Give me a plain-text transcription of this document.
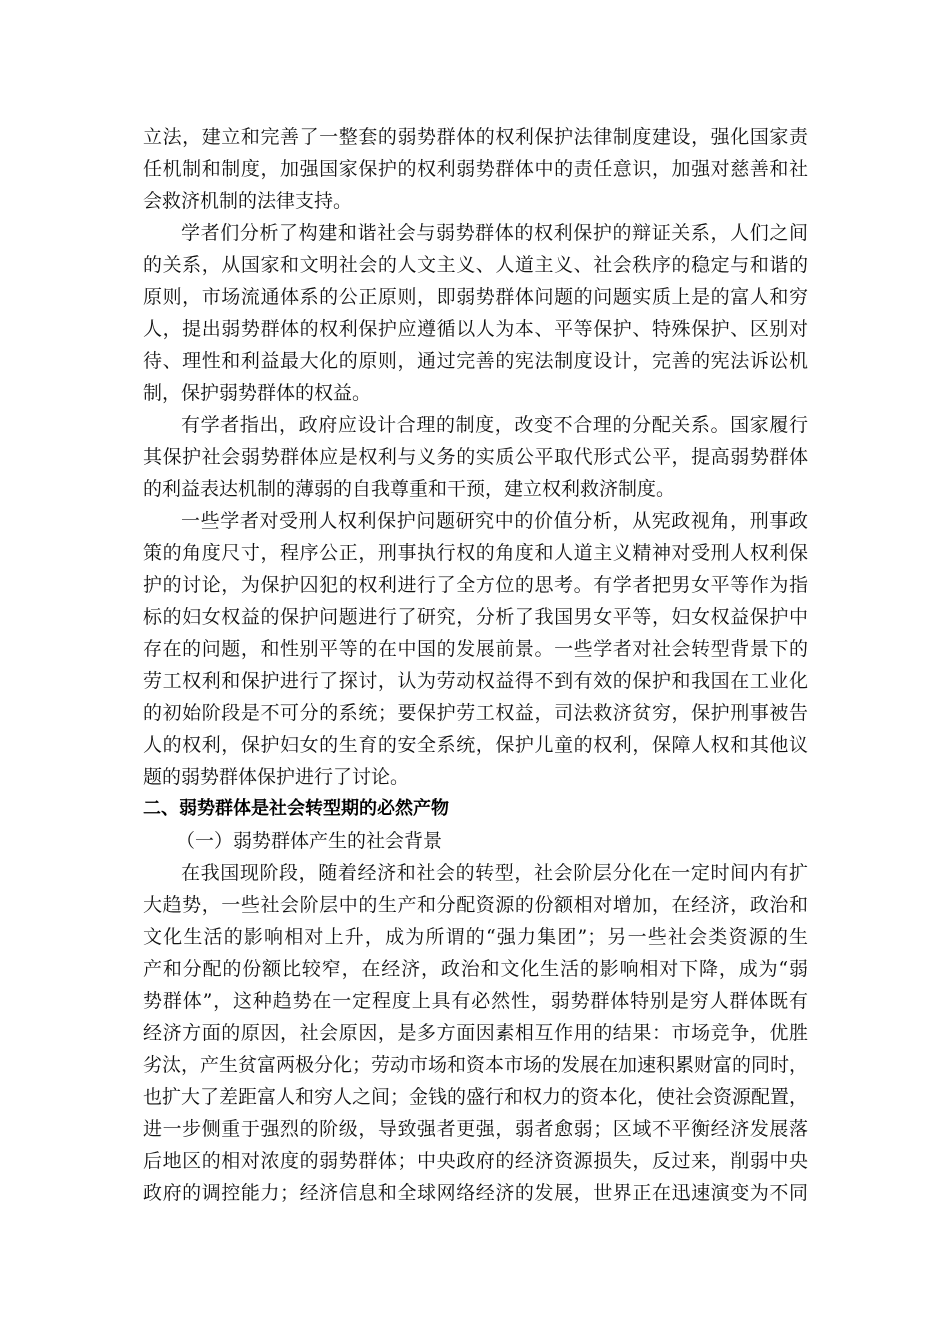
立法，建立和完善了一整套的弱势群体的权利保护法律制度建设，强化国家责
任机制和制度，加强国家保护的权利弱势群体中的责任意识，加强对慈善和社
会救济机制的法律支持。
学者们分析了构建和谐社会与弱势群体的权利保护的辩证关系，人们之间
的关系，从国家和文明社会的人文主义、人道主义、社会秩序的稳定与和谐的
原则，市场流通体系的公正原则，即弱势群体问题的问题实质上是的富人和穷
人，提出弱势群体的权利保护应遵循以人为本、平等保护、特殊保护、区别对
待、理性和利益最大化的原则，通过完善的宪法制度设计，完善的宪法诉讼机
制，保护弱势群体的权益。
有学者指出，政府应设计合理的制度，改变不合理的分配关系。国家履行
其保护社会弱势群体应是权利与义务的实质公平取代形式公平，提高弱势群体
的利益表达机制的薄弱的自我尊重和干预，建立权利救济制度。
一些学者对受刑人权利保护问题研究中的价值分析，从宪政视角，刑事政
策的角度尺寸，程序公正，刑事执行权的角度和人道主义精神对受刑人权利保
护的讨论，为保护囚犯的权利进行了全方位的思考。有学者把男女平等作为指
标的妇女权益的保护问题进行了研究，分析了我国男女平等，妇女权益保护中
存在的问题，和性别平等的在中国的发展前景。一些学者对社会转型背景下的
劳工权利和保护进行了探讨，认为劳动权益得不到有效的保护和我国在工业化
的初始阶段是不可分的系统；要保护劳工权益，司法救济贫穷，保护刑事被告
人的权利，保护妇女的生育的安全系统，保护儿童的权利，保障人权和其他议
题的弱势群体保护进行了讨论。
二、弱势群体是社会转型期的必然产物
（一）弱势群体产生的社会背景
在我国现阶段，随着经济和社会的转型，社会阶层分化在一定时间内有扩
大趋势，一些社会阶层中的生产和分配资源的份额相对增加，在经济，政治和
文化生活的影响相对上升，成为所谓的“强力集团”；另一些社会类资源的生
产和分配的份额比较窄，在经济，政治和文化生活的影响相对下降，成为“弱
势群体”，这种趋势在一定程度上具有必然性，弱势群体特别是穷人群体既有
经济方面的原因，社会原因，是多方面因素相互作用的结果：市场竞争，优胜
劣汰，产生贫富两极分化；劳动市场和资本市场的发展在加速积累财富的同时，
也扩大了差距富人和穷人之间；金钱的盛行和权力的资本化，使社会资源配置，
进一步侧重于强烈的阶级，导致强者更强，弱者愈弱；区域不平衡经济发展落
后地区的相对浓度的弱势群体；中央政府的经济资源损失，反过来，削弱中央
政府的调控能力；经济信息和全球网络经济的发展，世界正在迅速演变为不同
